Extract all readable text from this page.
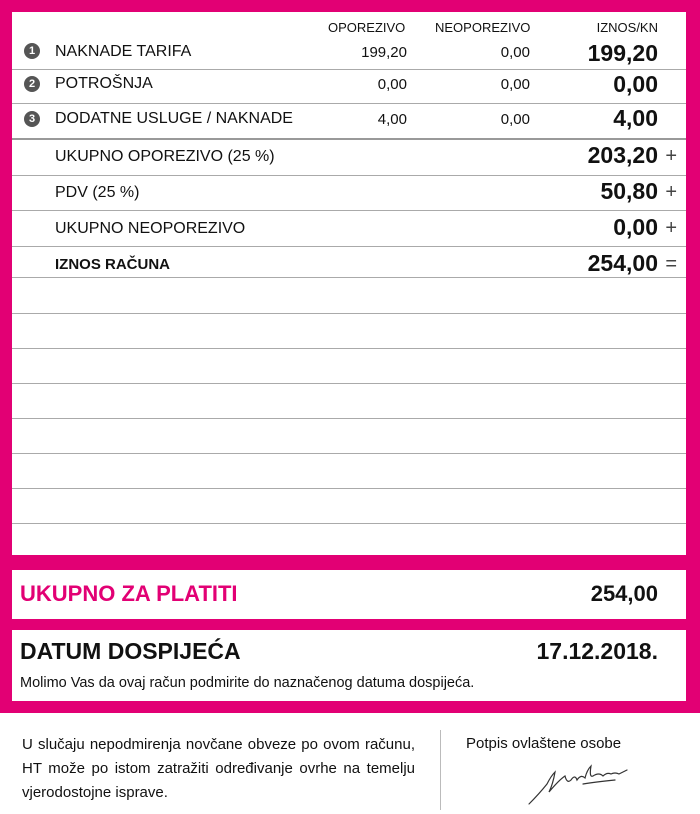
OPOREZIVO NEOPOREZIVO	IZNOS/KN
1	NAKNADE TARIFA	199,20	0,00	199,20
2	POTROŠNJA	0,00	0,00	0,00
3	DODATNE USLUGE / NAKNADE	4,00	0,00	4,00
UKUPNO OPOREZIVO (25 %)	203,20 +
PDV (25 %)	50,80 +
UKUPNO NEOPOREZIVO	0,00 +
IZNOS RAČUNA	254,00 =
UKUPNO ZA PLATITI	254,00
DATUM DOSPIJEĆA	17.12.2018.
Molimo Vas da ovaj račun podmirite do naznačenog datuma dospijeća.
U slučaju nepodmirenja novčane obveze po ovom računu, HT može po istom zatražiti određivanje ovrhe na temelju vjerodostojne isprave.
Potpis ovlaštene osobe
